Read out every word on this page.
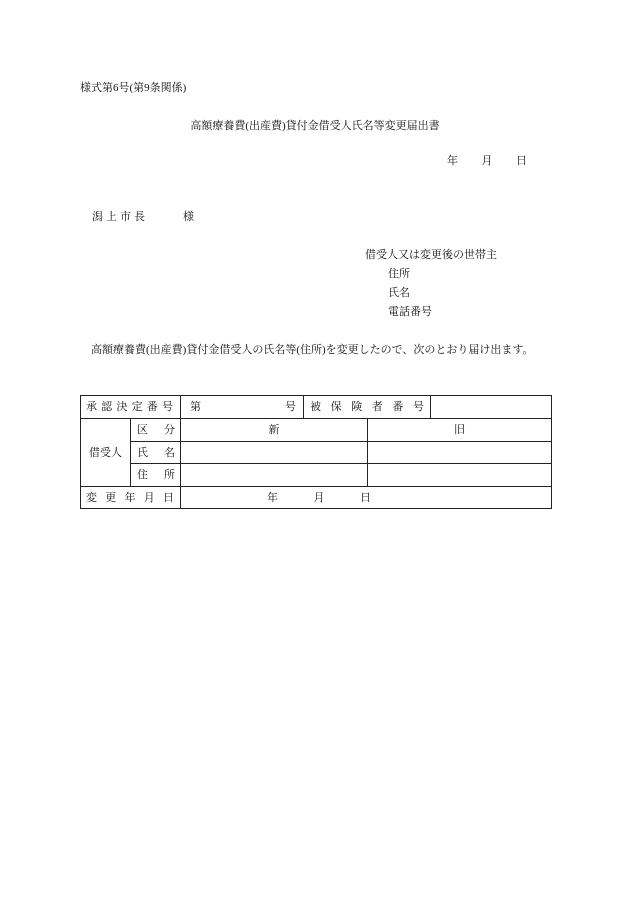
様式第6号(第9条関係)
高額療養費(出産費)貸付金借受人氏名等変更届出書
年 月 日
潟上市長	様
借受人又は変更後の世帯主
住所
氏名
電話番号
高額療養費(出産費)貸付金借受人の氏名等(住所)を変更したので、次のとおり届け出ます。
承 認 決 定 番 号		第 号	被 保 険 者 番 号		
借受人	区 分	新		旧	
	氏 名				
	住 所				
変 更 年 月 日		年 月 日			
